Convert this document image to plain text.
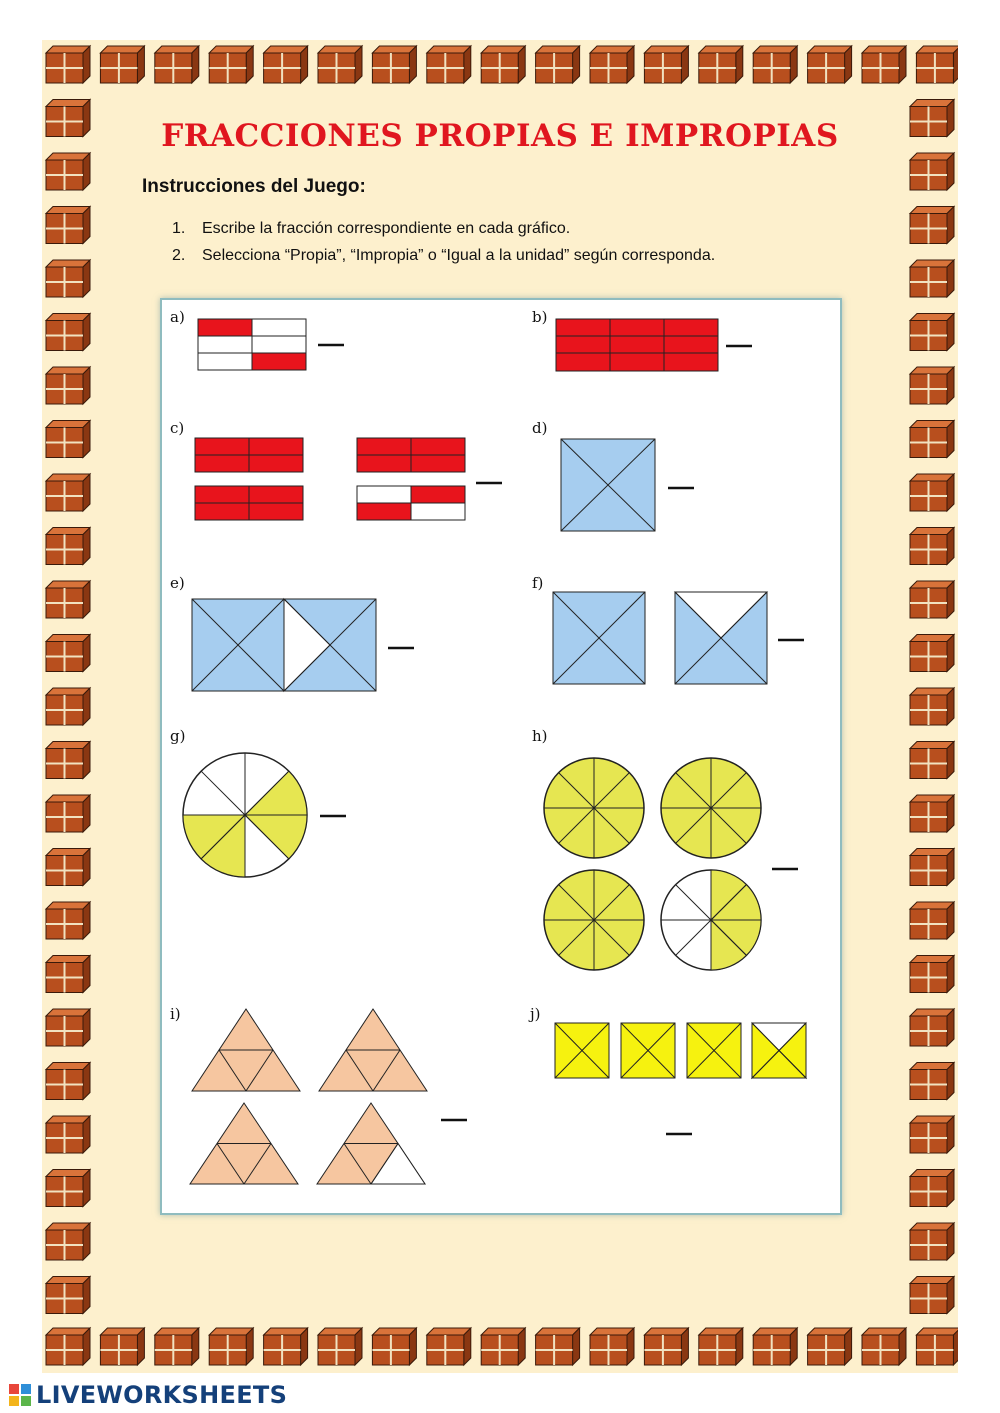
FRACCIONES PROPIAS E IMPROPIAS
Instrucciones del Juego:
1. Escribe la fracción correspondiente en cada gráfico.
2. Selecciona “Propia”, “Impropia” o “Igual a la unidad” según corresponda.
a)	b)
c)	d)
e)	f)
g)	h)
i)	j)
LIVEWORKSHEETS
